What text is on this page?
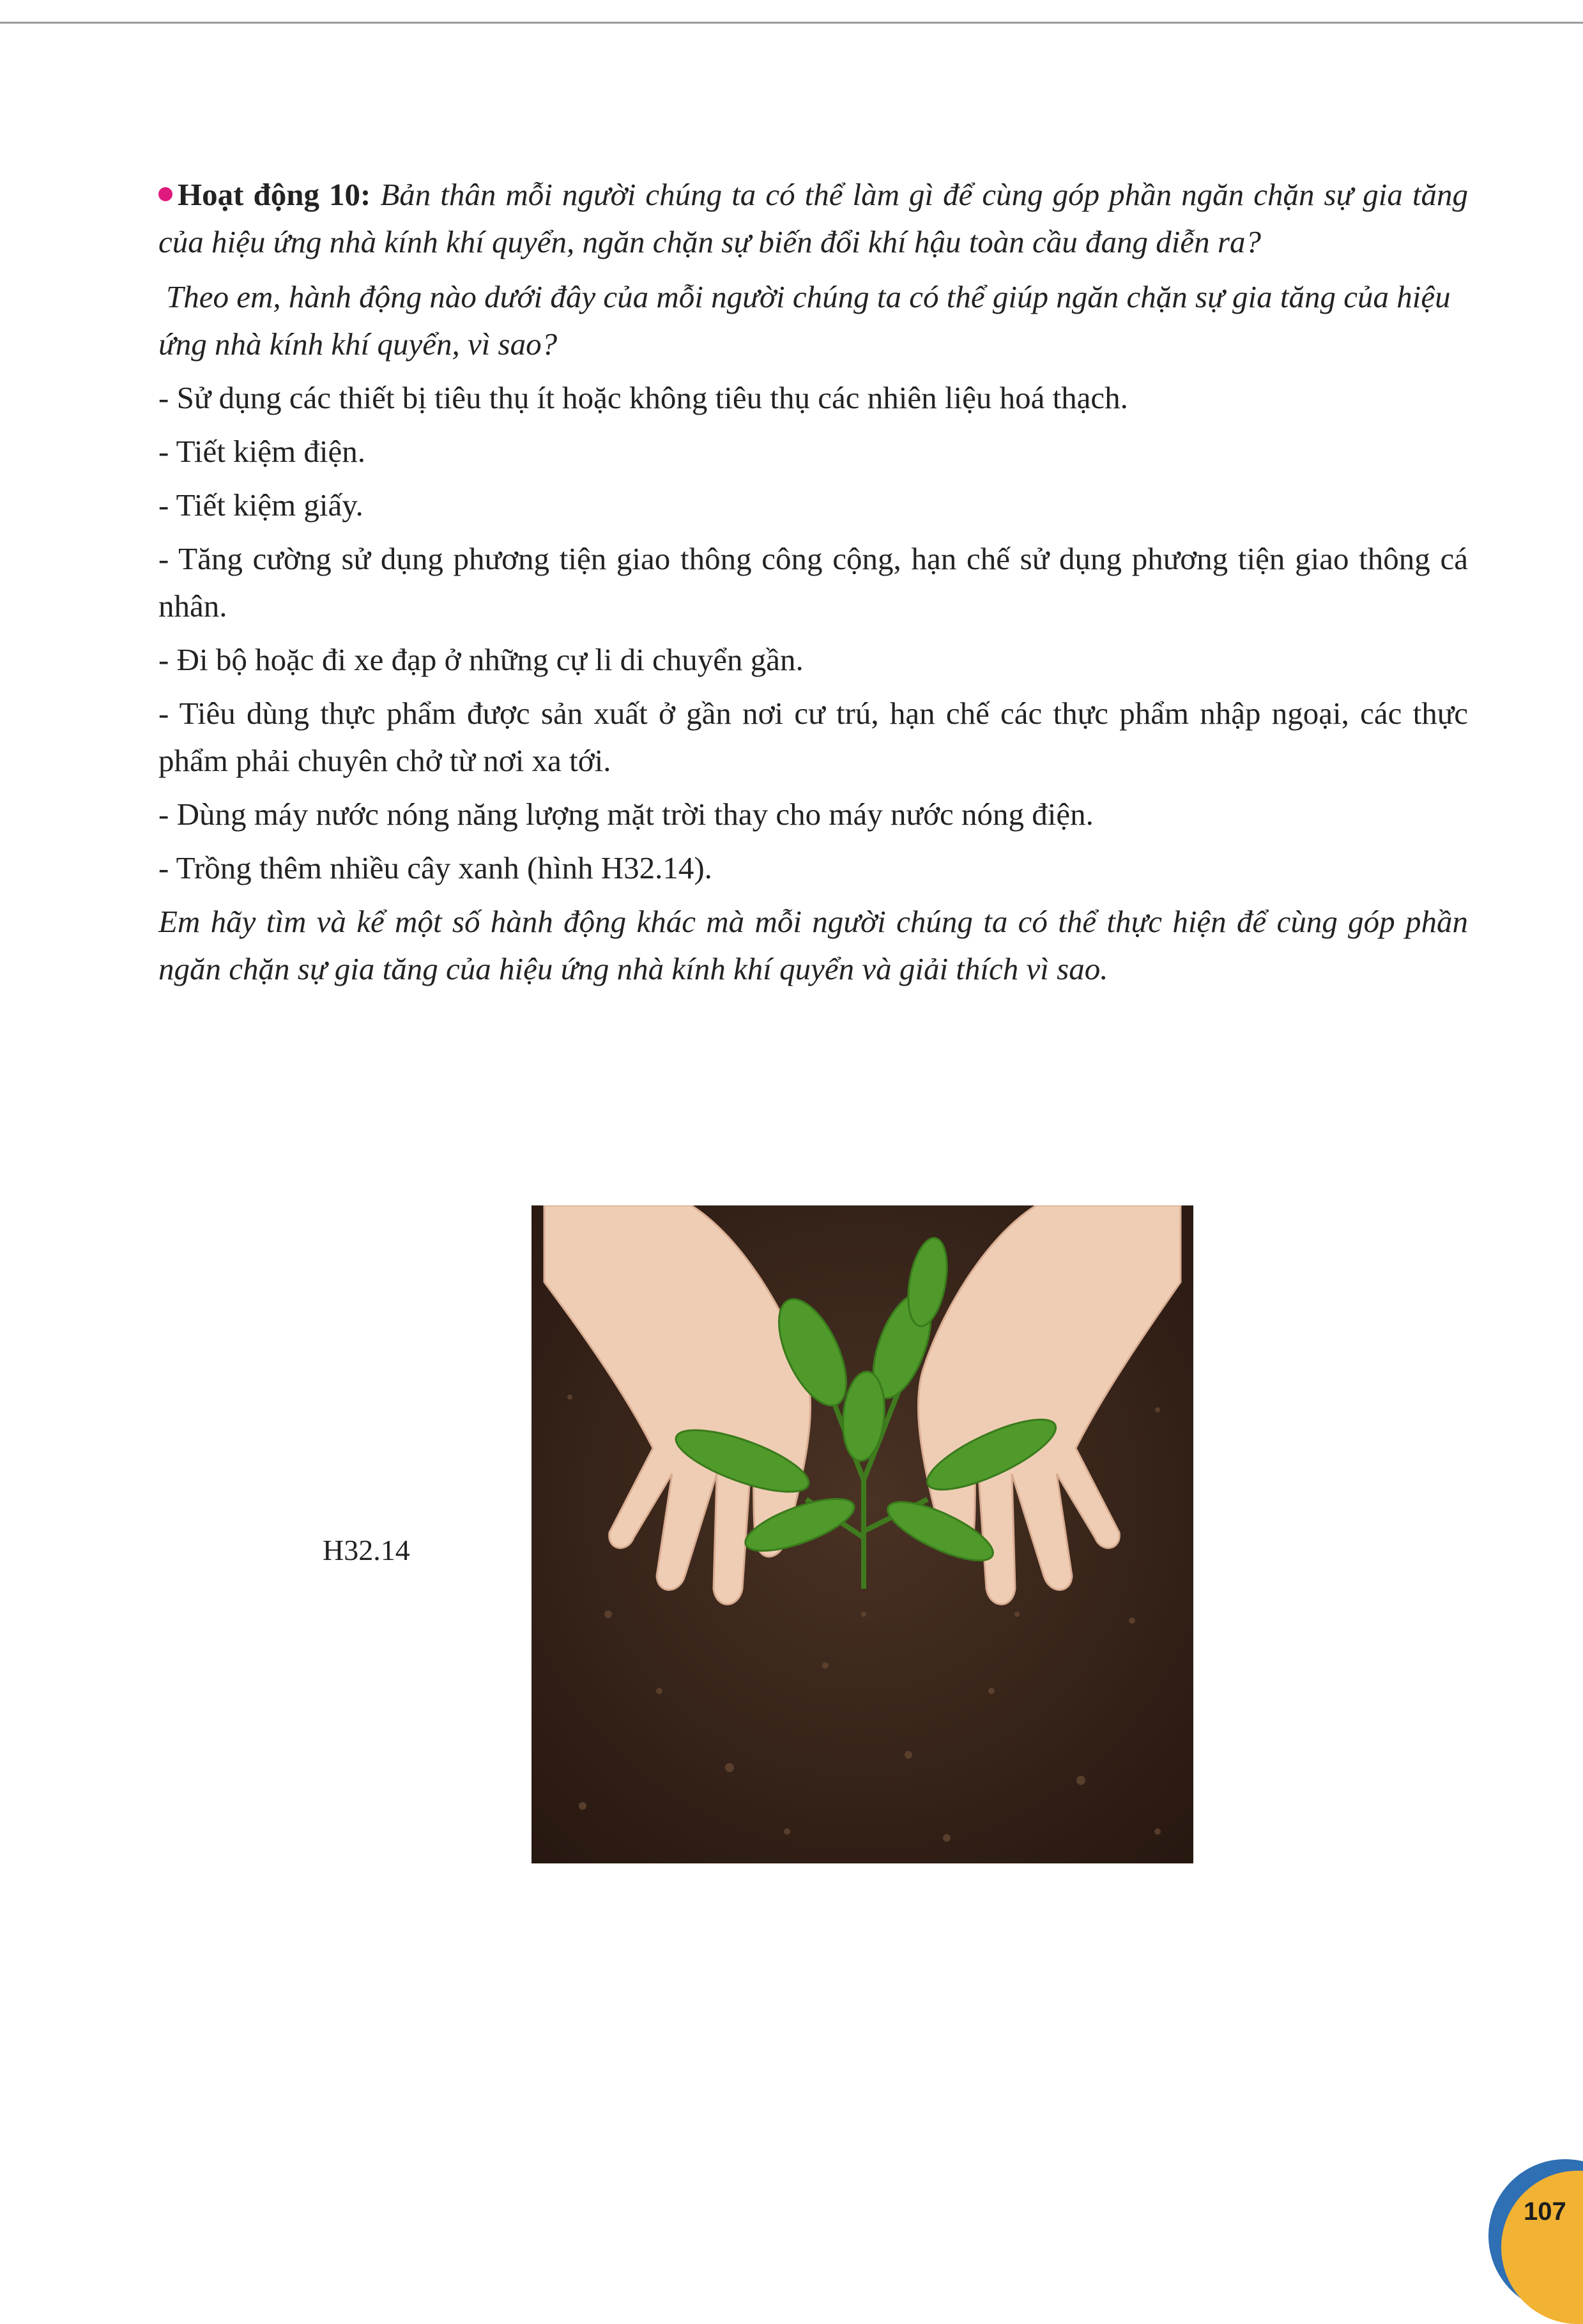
Hoạt động 10: Bản thân mỗi người chúng ta có thể làm gì để cùng góp phần ngăn chặn sự gia tăng của hiệu ứng nhà kính khí quyển, ngăn chặn sự biến đổi khí hậu toàn cầu đang diễn ra?

Theo em, hành động nào dưới đây của mỗi người chúng ta có thể giúp ngăn chặn sự gia tăng của hiệu ứng nhà kính khí quyển, vì sao?

- Sử dụng các thiết bị tiêu thụ ít hoặc không tiêu thụ các nhiên liệu hoá thạch.

- Tiết kiệm điện.

- Tiết kiệm giấy.

- Tăng cường sử dụng phương tiện giao thông công cộng, hạn chế sử dụng phương tiện giao thông cá nhân.

- Đi bộ hoặc đi xe đạp ở những cự li di chuyển gần.

- Tiêu dùng thực phẩm được sản xuất ở gần nơi cư trú, hạn chế các thực phẩm nhập ngoại, các thực phẩm phải chuyên chở từ nơi xa tới.

- Dùng máy nước nóng năng lượng mặt trời thay cho máy nước nóng điện.

- Trồng thêm nhiều cây xanh (hình H32.14).

Em hãy tìm và kể một số hành động khác mà mỗi người chúng ta có thể thực hiện để cùng góp phần ngăn chặn sự gia tăng của hiệu ứng nhà kính khí quyển và giải thích vì sao.

H32.14
107
